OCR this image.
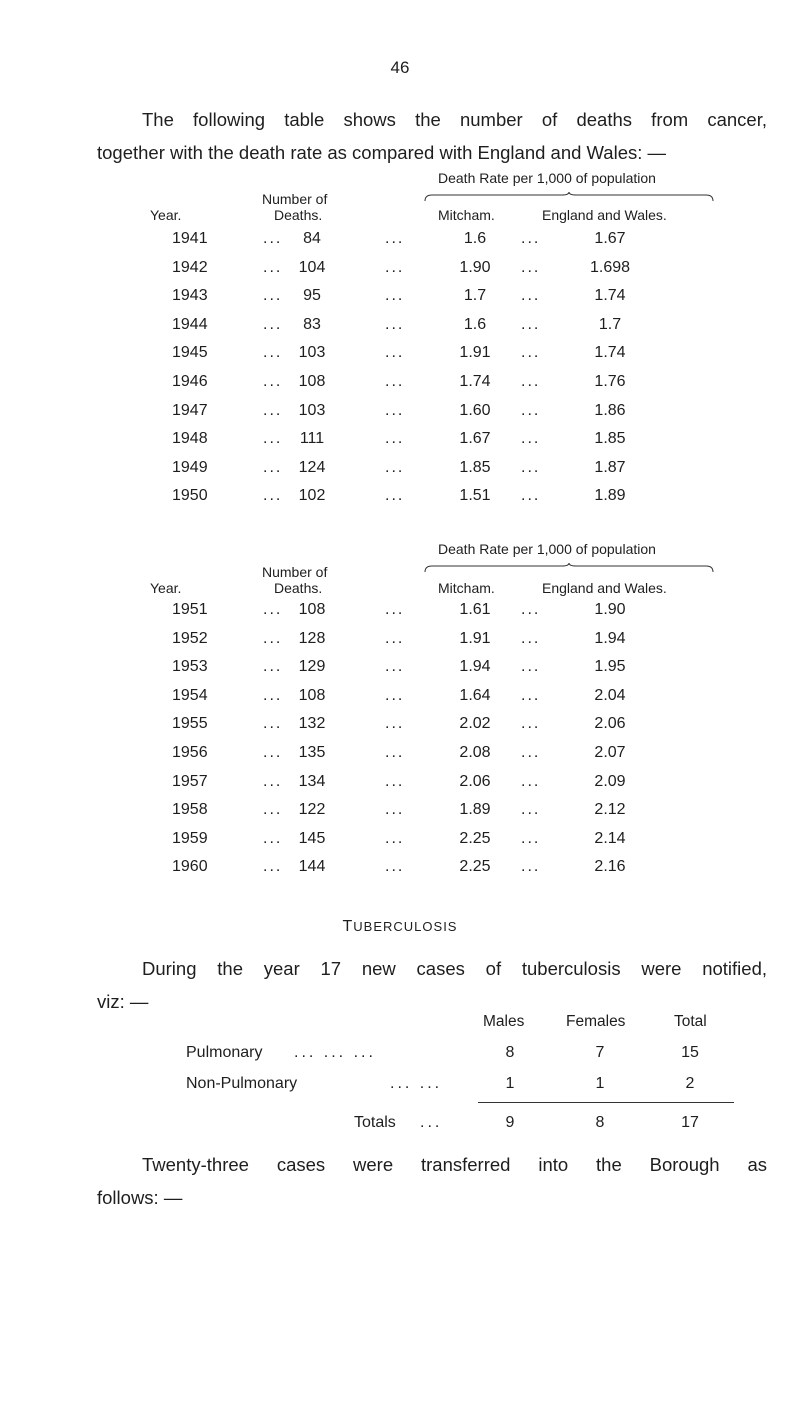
46
The following table shows the number of deaths from cancer,
together with the death rate as compared with England and Wales: —
Death Rate per 1,000 of population
Number of
Year.	Deaths.	Mitcham.	England and Wales.
1941	...	84	...	1.6	...	1.67
1942	...	104	...	1.90	...	1.698
1943	...	95	...	1.7	...	1.74
1944	...	83	...	1.6	...	1.7
1945	...	103	...	1.91	...	1.74
1946	...	108	...	1.74	...	1.76
1947	...	103	...	1.60	...	1.86
1948	...	111	...	1.67	...	1.85
1949	...	124	...	1.85	...	1.87
1950	...	102	...	1.51	...	1.89
Death Rate per 1,000 of population
Number of
Year.	Deaths.	Mitcham.	England and Wales.
1951	...	108	...	1.61	...	1.90
1952	...	128	...	1.91	...	1.94
1953	...	129	...	1.94	...	1.95
1954	...	108	...	1.64	...	2.04
1955	...	132	...	2.02	...	2.06
1956	...	135	...	2.08	...	2.07
1957	...	134	...	2.06	...	2.09
1958	...	122	...	1.89	...	2.12
1959	...	145	...	2.25	...	2.14
1960	...	144	...	2.25	...	2.16
TUBERCULOSIS
During the year 17 new cases of tuberculosis were notified,
viz: —
Males	Females	Total
Pulmonary ... ... ...	8	7	15
Non-Pulmonary	... ...	1	1	2
Totals ...	9	8	17
Twenty-three cases were transferred into the Borough as
follows: —
